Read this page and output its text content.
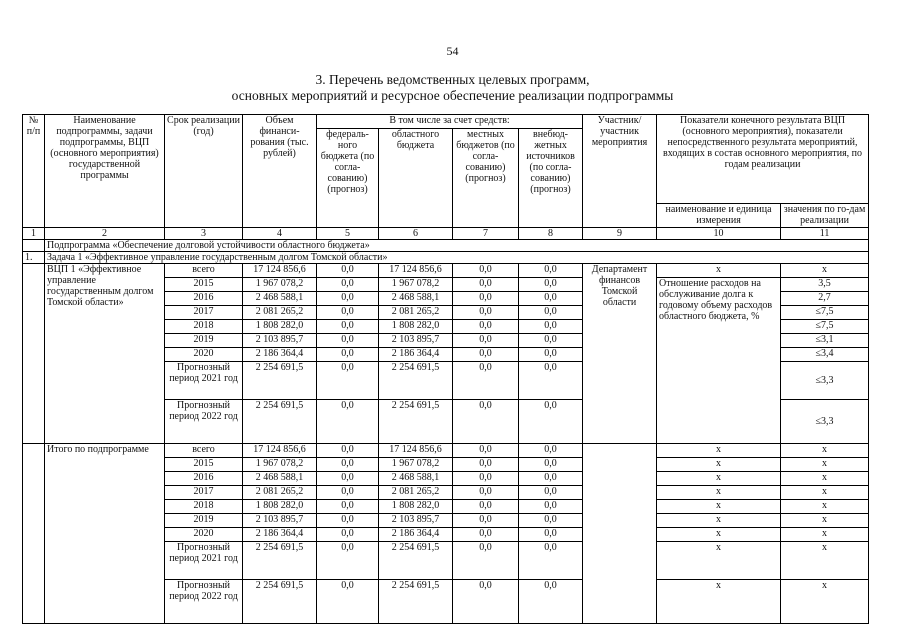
54
3. Перечень ведомственных целевых программ,
основных мероприятий и ресурсное обеспечение реализации подпрограммы
№ п/п	Наименование подпрограммы, задачи подпрограммы, ВЦП (основного мероприятия) государственной программы	Срок реализации (год)	Объем финанси-рования (тыс. рублей)	В том числе за счет средств:				Участник/ участник мероприятия	Показатели конечного результата ВЦП (основного мероприятия), показатели непосредственного результата мероприятий, входящих в состав основного мероприятия, по годам реализации	
				федераль-ного бюджета (по согла-сованию) (прогноз)	областного бюджета	местных бюджетов (по согла-сованию) (прогноз)	внебюд-жетных источников (по согла-сованию) (прогноз)			
									наименование и единица измерения	значения по го-дам реализации
1	2	3	4	5	6	7	8	9	10	11
	Подпрограмма «Обеспечение долговой устойчивости областного бюджета»									
1.	Задача 1 «Эффективное управление государственным долгом Томской области»									
	ВЦП 1 «Эффективное управление государственным долгом Томской области»	всего	17 124 856,6	0,0	17 124 856,6	0,0	0,0	Департамент финансов Томской области	x	x
		2015	1 967 078,2	0,0	1 967 078,2	0,0	0,0		Отношение расходов на обслуживание долга к годовому объему расходов областного бюджета, %	3,5
		2016	2 468 588,1	0,0	2 468 588,1	0,0	0,0			2,7
		2017	2 081 265,2	0,0	2 081 265,2	0,0	0,0			≤7,5
		2018	1 808 282,0	0,0	1 808 282,0	0,0	0,0			≤7,5
		2019	2 103 895,7	0,0	2 103 895,7	0,0	0,0			≤3,1
		2020	2 186 364,4	0,0	2 186 364,4	0,0	0,0			≤3,4
		Прогнозный период 2021 год	2 254 691,5	0,0	2 254 691,5	0,0	0,0			≤3,3
		Прогнозный период 2022 год	2 254 691,5	0,0	2 254 691,5	0,0	0,0			≤3,3
	Итого по подпрограмме	всего	17 124 856,6	0,0	17 124 856,6	0,0	0,0		x	x
		2015	1 967 078,2	0,0	1 967 078,2	0,0	0,0		x	x
		2016	2 468 588,1	0,0	2 468 588,1	0,0	0,0		x	x
		2017	2 081 265,2	0,0	2 081 265,2	0,0	0,0		x	x
		2018	1 808 282,0	0,0	1 808 282,0	0,0	0,0		x	x
		2019	2 103 895,7	0,0	2 103 895,7	0,0	0,0		x	x
		2020	2 186 364,4	0,0	2 186 364,4	0,0	0,0		x	x
		Прогнозный период 2021 год	2 254 691,5	0,0	2 254 691,5	0,0	0,0		x	x
		Прогнозный период 2022 год	2 254 691,5	0,0	2 254 691,5	0,0	0,0		x	x
